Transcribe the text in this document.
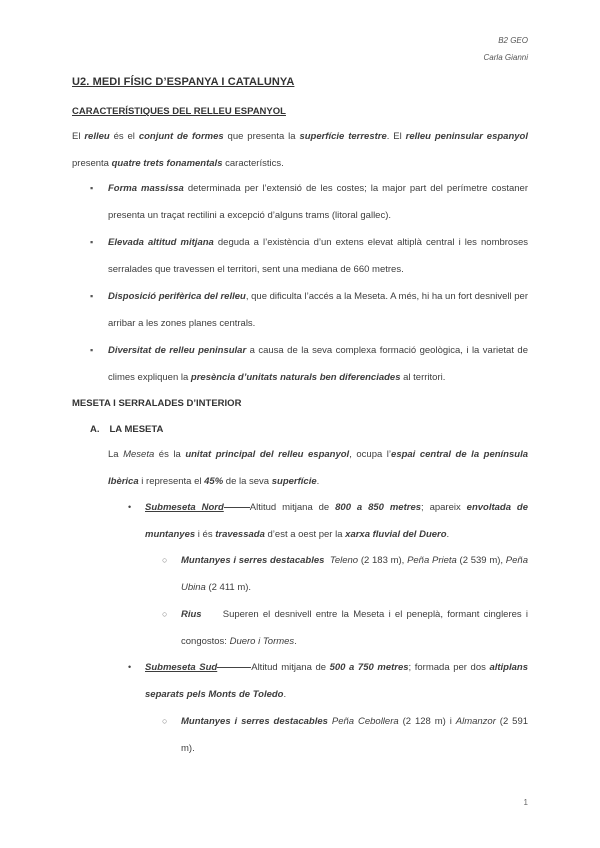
B2 GEO
Carla Gianni
U2. MEDI FÍSIC D’ESPANYA I CATALUNYA
CARACTERÍSTIQUES DEL RELLEU ESPANYOL
El relleu és el conjunt de formes que presenta la superfície terrestre. El relleu peninsular espanyol presenta quatre trets fonamentals característics.
▪ Forma massissa determinada per l’extensió de les costes; la major part del perímetre costaner presenta un traçat rectilini a excepció d’alguns trams (litoral gallec).
▪ Elevada altitud mitjana deguda a l’existència d’un extens elevat altiplà central i les nombroses serralades que travessen el territori, sent una mediana de 660 metres.
▪ Disposició perifèrica del relleu, que dificulta l’accés a la Meseta. A més, hi ha un fort desnivell per arribar a les zones planes centrals.
▪ Diversitat de relleu peninsular a causa de la seva complexa formació geològica, i la varietat de climes expliquen la presència d’unitats naturals ben diferenciades al territori.
MESETA I SERRALADES D’INTERIOR
A. LA MESETA
La Meseta és la unitat principal del relleu espanyol, ocupa l’espai central de la península Ibèrica i representa el 45% de la seva superfície.
• Submeseta Nord	Altitud mitjana de 800 a 850 metres; apareix envoltada de muntanyes i és travessada d’est a oest per la xarxa fluvial del Duero.
○ Muntanyes i serres destacables Teleno (2 183 m), Peña Prieta (2 539 m), Peña Ubina (2 411 m).
○ Rius Superen el desnivell entre la Meseta i el peneplà, formant cingleres i congostos: Duero i Tormes.
• Submeseta Sud	Altitud mitjana de 500 a 750 metres; formada per dos altiplans separats pels Monts de Toledo.
○ Muntanyes i serres destacables Peña Cebollera (2 128 m) i Almanzor (2 591 m).
1
